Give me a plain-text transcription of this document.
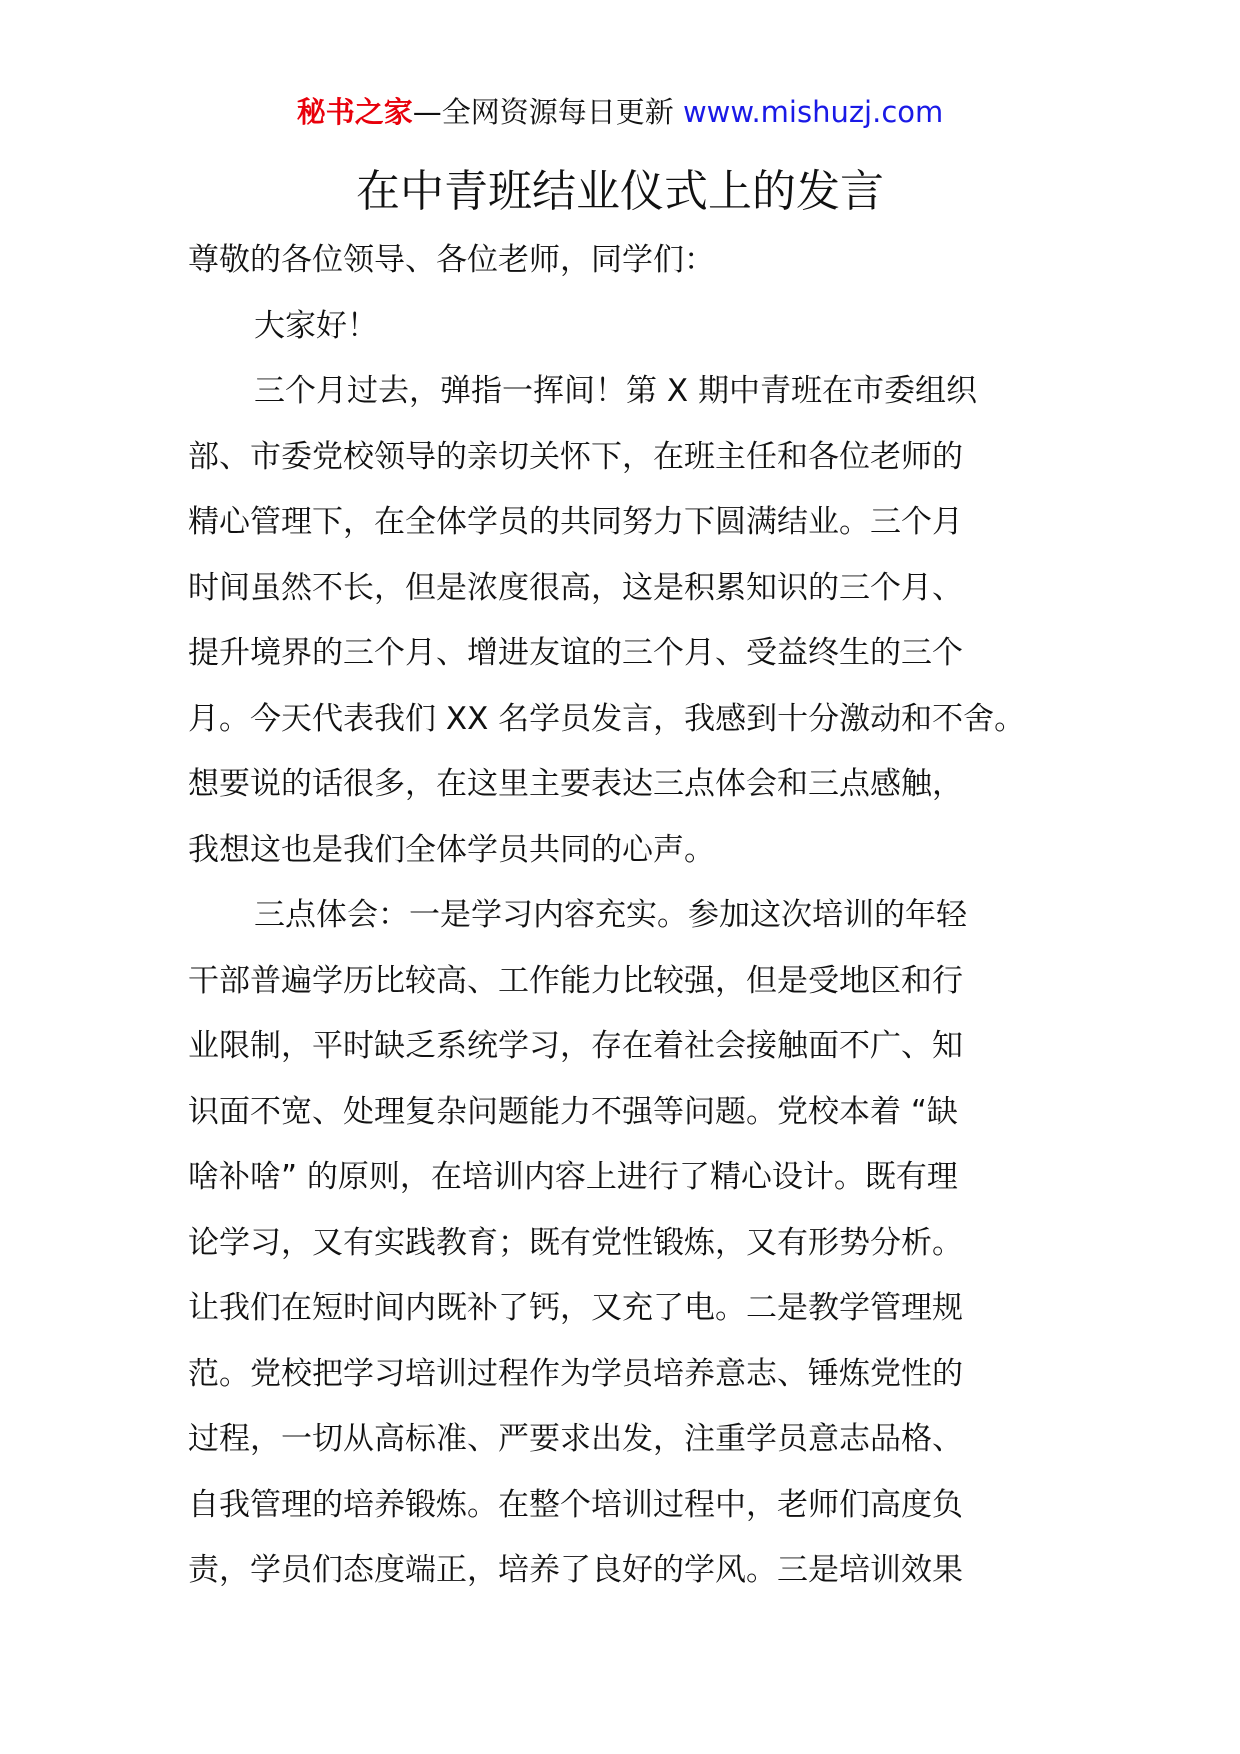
秘书之家—全网资源每日更新 www.mishuzj.com
在中青班结业仪式上的发言
尊敬的各位领导、各位老师，同学们：
大家好！
三个月过去，弹指一挥间！第 X 期中青班在市委组织
部、市委党校领导的亲切关怀下，在班主任和各位老师的
精心管理下，在全体学员的共同努力下圆满结业。三个月
时间虽然不长，但是浓度很高，这是积累知识的三个月、
提升境界的三个月、增进友谊的三个月、受益终生的三个
月。今天代表我们 XX 名学员发言，我感到十分激动和不舍。
想要说的话很多，在这里主要表达三点体会和三点感触，
我想这也是我们全体学员共同的心声。
三点体会：一是学习内容充实。参加这次培训的年轻
干部普遍学历比较高、工作能力比较强，但是受地区和行
业限制，平时缺乏系统学习，存在着社会接触面不广、知
识面不宽、处理复杂问题能力不强等问题。党校本着 “缺
啥补啥” 的原则，在培训内容上进行了精心设计。既有理
论学习，又有实践教育；既有党性锻炼，又有形势分析。
让我们在短时间内既补了钙，又充了电。二是教学管理规
范。党校把学习培训过程作为学员培养意志、锤炼党性的
过程，一切从高标准、严要求出发，注重学员意志品格、
自我管理的培养锻炼。在整个培训过程中，老师们高度负
责，学员们态度端正，培养了良好的学风。三是培训效果
